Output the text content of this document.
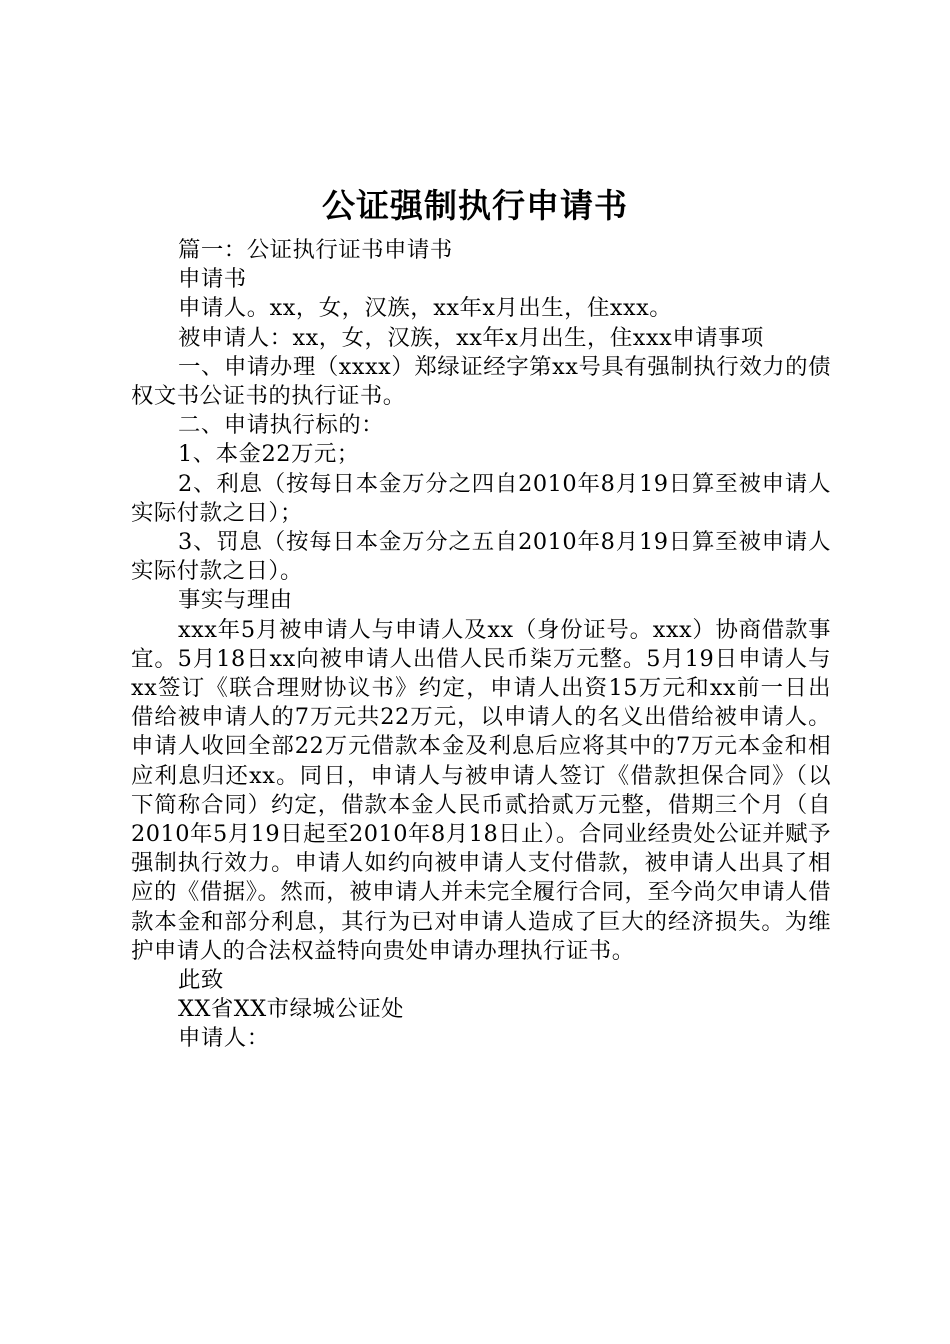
公证强制执行申请书

篇一：公证执行证书申请书

申请书

申请人。xx，女，汉族，xx年x月出生，住xxx。

被申请人：xx，女，汉族，xx年x月出生，住xxx申请事项

一、申请办理（xxxx）郑绿证经字第xx号具有强制执行效力的债权文书公证书的执行证书。

二、申请执行标的：

1、本金22万元；

2、利息（按每日本金万分之四自2010年8月19日算至被申请人实际付款之日）；

3、罚息（按每日本金万分之五自2010年8月19日算至被申请人实际付款之日）。

事实与理由

xxx年5月被申请人与申请人及xx（身份证号。xxx）协商借款事宜。5月18日xx向被申请人出借人民币柒万元整。5月19日申请人与xx签订《联合理财协议书》约定，申请人出资15万元和xx前一日出借给被申请人的7万元共22万元，以申请人的名义出借给被申请人。申请人收回全部22万元借款本金及利息后应将其中的7万元本金和相应利息归还xx。同日，申请人与被申请人签订《借款担保合同》（以下简称合同）约定，借款本金人民币贰拾贰万元整，借期三个月（自2010年5月19日起至2010年8月18日止）。合同业经贵处公证并赋予强制执行效力。申请人如约向被申请人支付借款，被申请人出具了相应的《借据》。然而，被申请人并未完全履行合同，至今尚欠申请人借款本金和部分利息，其行为已对申请人造成了巨大的经济损失。为维护申请人的合法权益特向贵处申请办理执行证书。

此致

XX省XX市绿城公证处

申请人：
